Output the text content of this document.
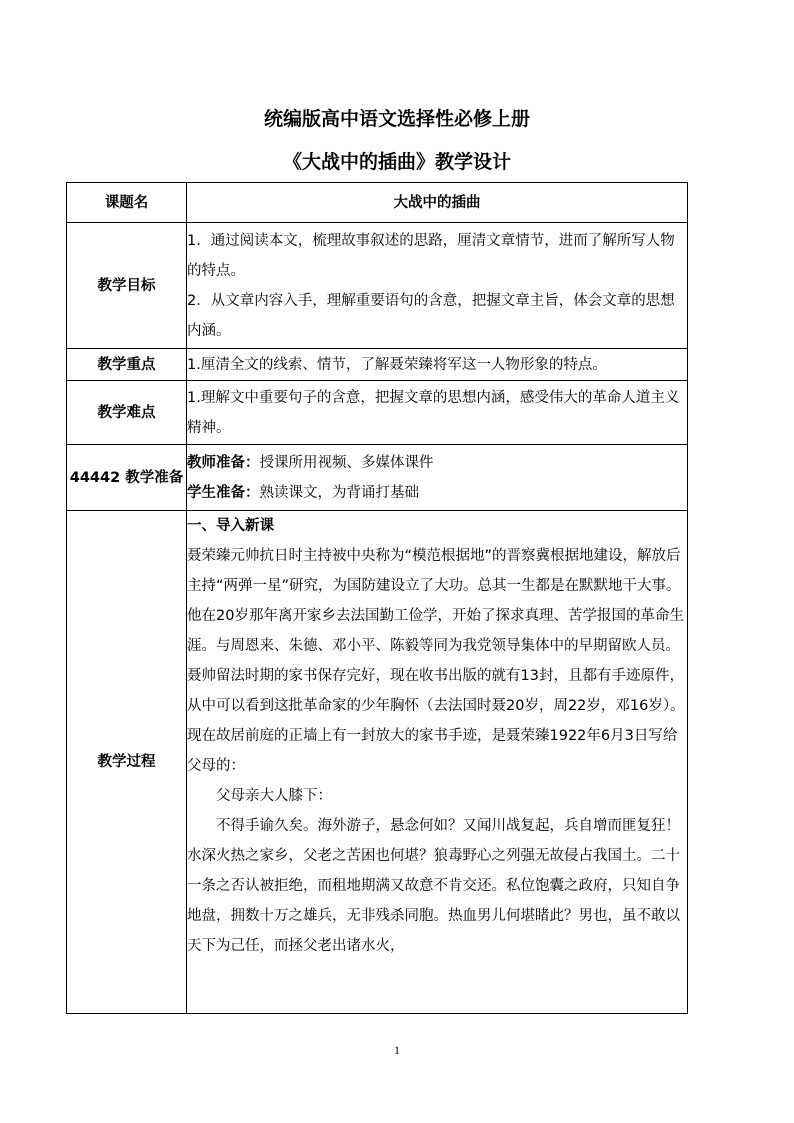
统编版高中语文选择性必修上册
《大战中的插曲》教学设计
课题名	大战中的插曲
教学目标	1．通过阅读本文，梳理故事叙述的思路，厘清文章情节，进而了解所写人物的特点。
2．从文章内容入手，理解重要语句的含意，把握文章主旨，体会文章的思想内涵。

教学重点	1.厘清全文的线索、情节，了解聂荣臻将军这一人物形象的特点。
教学难点	1.理解文中重要句子的含意，把握文章的思想内涵，感受伟大的革命人道主义精神。
44442 教学准备	教师准备：授课所用视频、多媒体课件
学生准备：熟读课文，为背诵打基础

教学过程	一、导入新课
聂荣臻元帅抗日时主持被中央称为“模范根据地”的晋察冀根据地建设，解放后主持“两弹一星”研究，为国防建设立了大功。总其一生都是在默默地干大事。他在20岁那年离开家乡去法国勤工俭学，开始了探求真理、苦学报国的革命生涯。与周恩来、朱德、邓小平、陈毅等同为我党领导集体中的早期留欧人员。聂帅留法时期的家书保存完好，现在收书出版的就有13封，且都有手迹原件，从中可以看到这批革命家的少年胸怀（去法国时聂20岁，周22岁，邓16岁）。现在故居前庭的正墙上有一封放大的家书手迹，是聂荣臻1922年6月3日写给父母的：
父母亲大人膝下：
不得手谕久矣。海外游子，悬念何如？又闻川战复起，兵自增而匪复狂！水深火热之家乡，父老之苦困也何堪？狼毒野心之列强无故侵占我国土。二十一条之否认被拒绝，而租地期满又故意不肯交还。私位饱囊之政府，只知自争地盘，拥数十万之雄兵，无非残杀同胞。热血男儿何堪睹此？男也，虽不敢以天下为己任，而拯父老出诸水火，
1
